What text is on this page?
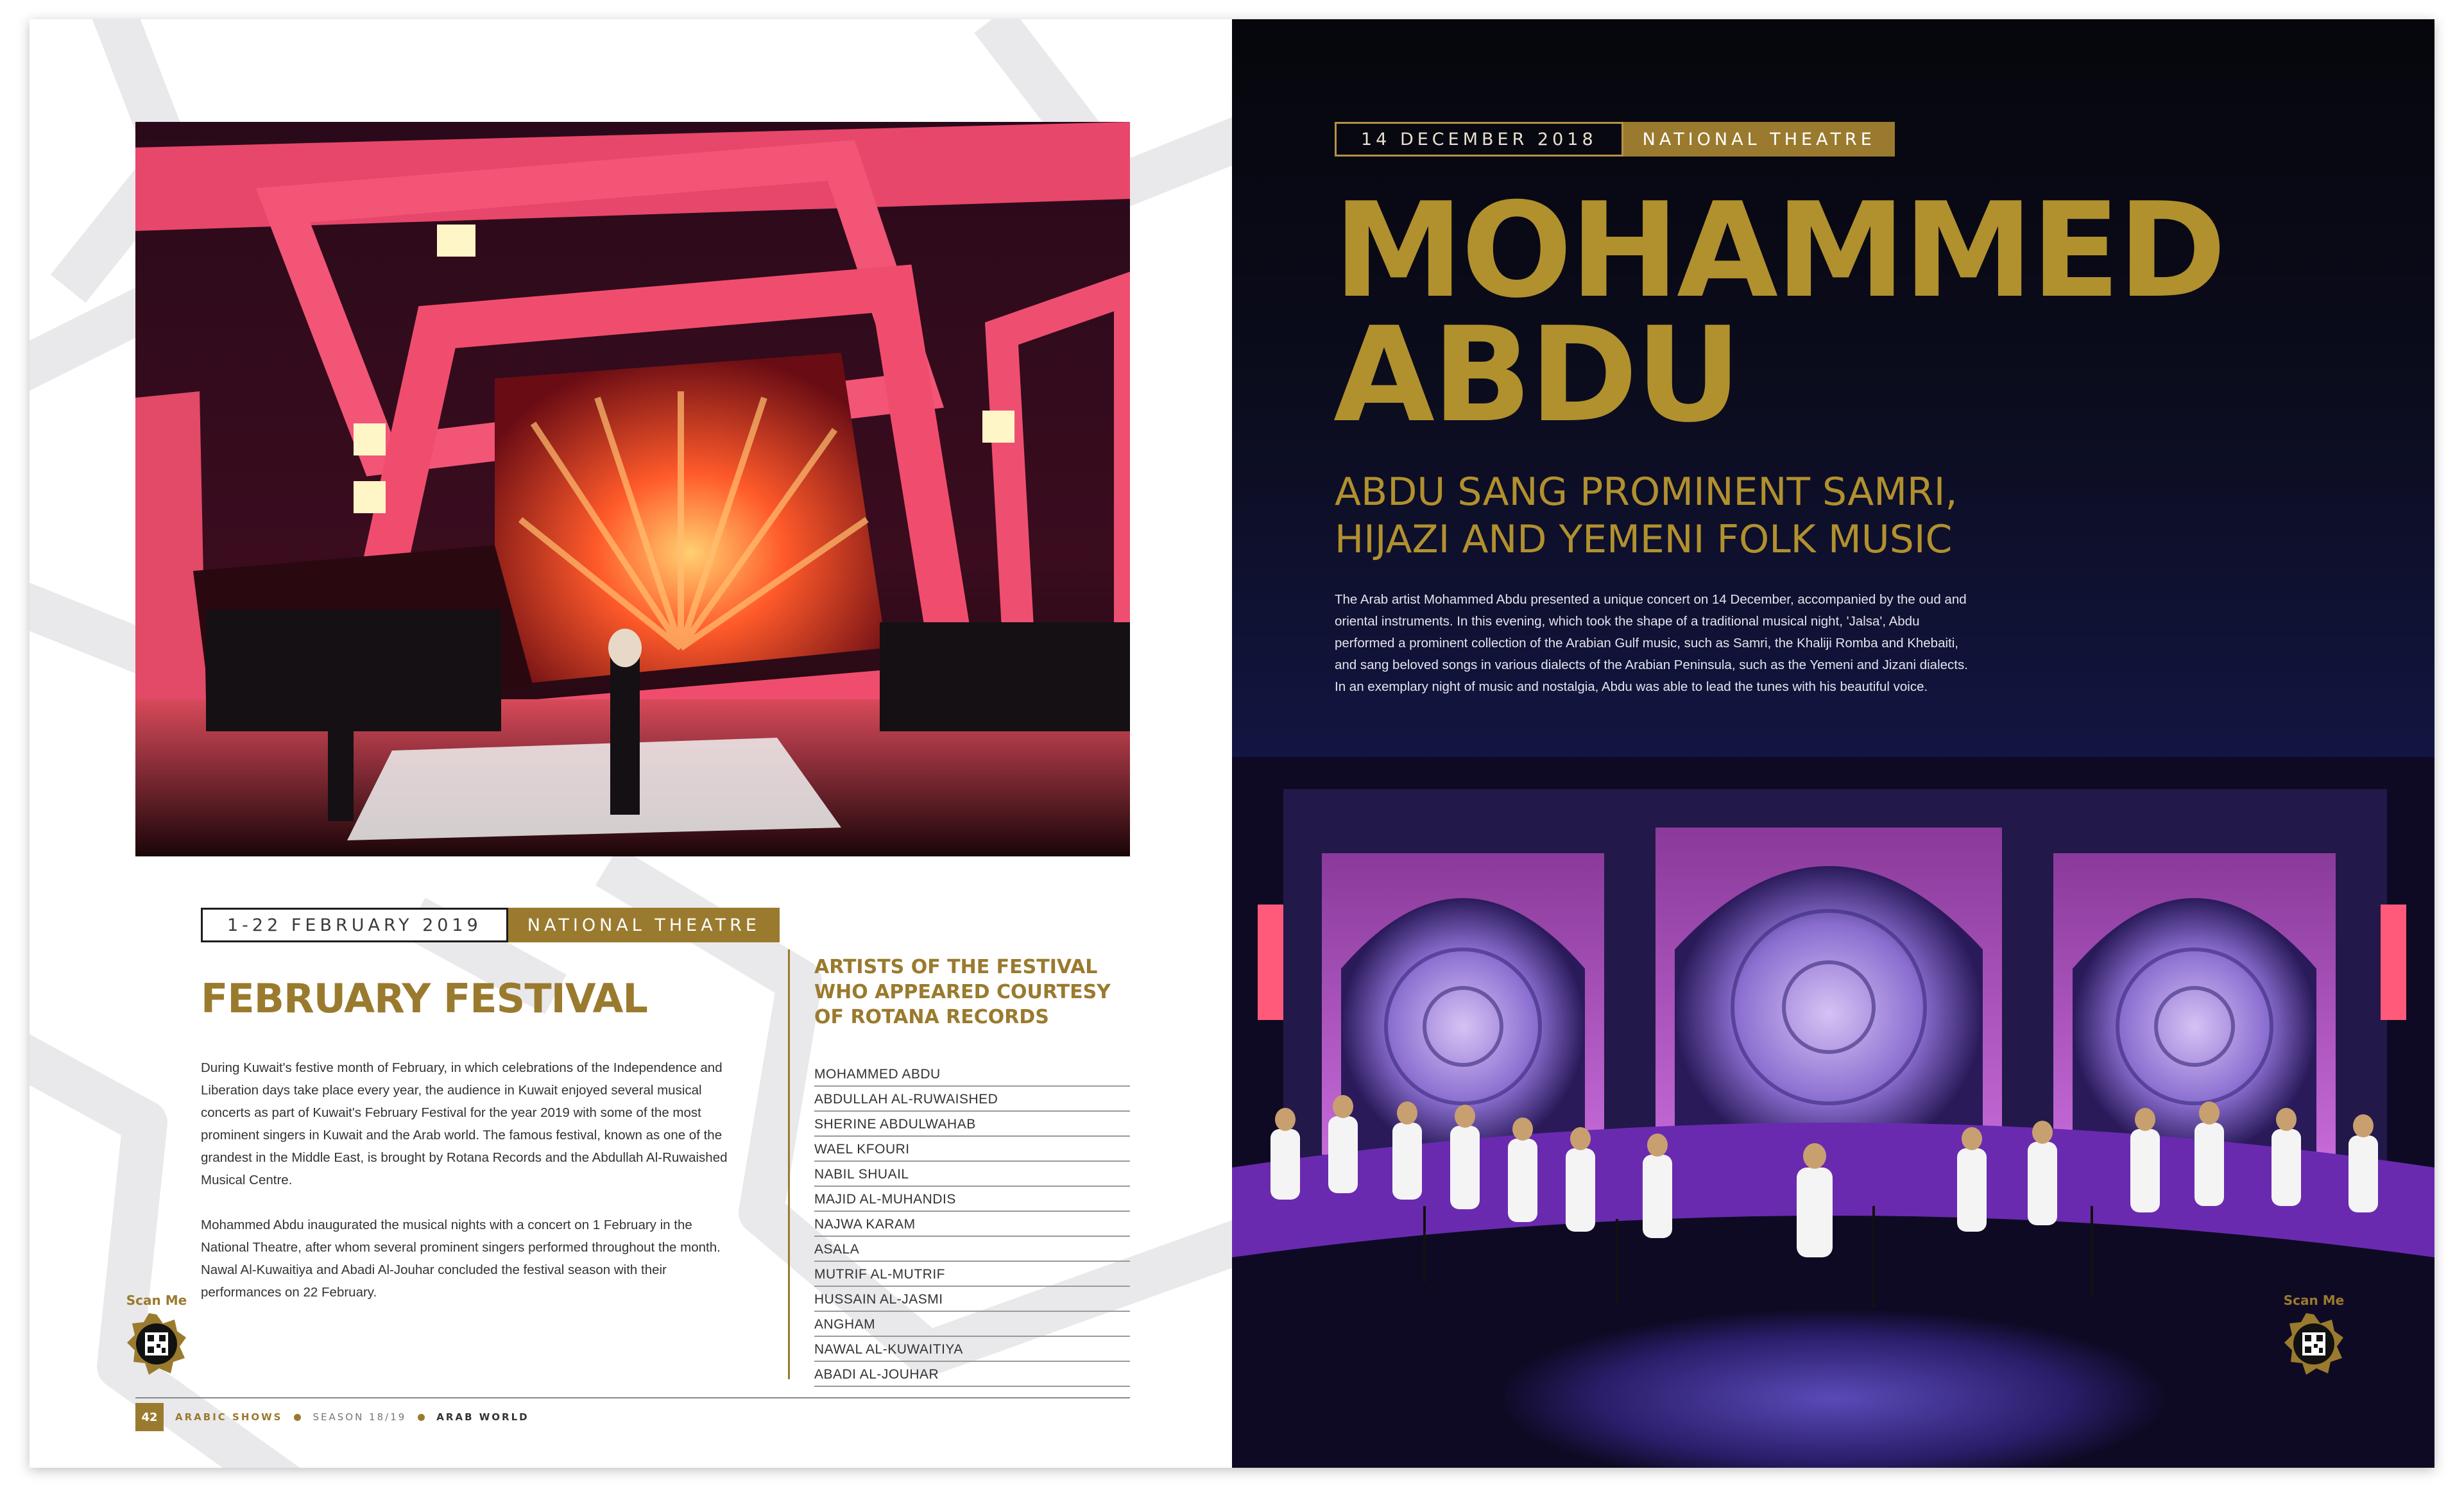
1-22 FEBRUARY 2019	NATIONAL THEATRE
FEBRUARY FESTIVAL

During Kuwait's festive month of February, in which celebrations of the Independence and Liberation days take place every year, the audience in Kuwait enjoyed several musical concerts as part of Kuwait's February Festival for the year 2019 with some of the most prominent singers in Kuwait and the Arab world. The famous festival, known as one of the grandest in the Middle East, is brought by Rotana Records and the Abdullah Al-Ruwaished Musical Centre.

Mohammed Abdu inaugurated the musical nights with a concert on 1 February in the National Theatre, after whom several prominent singers performed throughout the month. Nawal Al-Kuwaitiya and Abadi Al-Jouhar concluded the festival season with their performances on 22 February.

ARTISTS OF THE FESTIVAL WHO APPEARED COURTESY OF ROTANA RECORDS
MOHAMMED ABDU
ABDULLAH AL-RUWAISHED
SHERINE ABDULWAHAB
WAEL KFOURI
NABIL SHUAIL
MAJID AL-MUHANDIS
NAJWA KARAM
ASALA
MUTRIF AL-MUTRIF
HUSSAIN AL-JASMI
ANGHAM
NAWAL AL-KUWAITIYA
ABADI AL-JOUHAR
Scan Me
42	ARABIC SHOWS	SEASON 18/19	ARAB WORLD
14 DECEMBER 2018	NATIONAL THEATRE
MOHAMMED
ABDU
ABDU SANG PROMINENT SAMRI,
HIJAZI AND YEMENI FOLK MUSIC

The Arab artist Mohammed Abdu presented a unique concert on 14 December, accompanied by the oud and oriental instruments. In this evening, which took the shape of a traditional musical night, 'Jalsa', Abdu performed a prominent collection of the Arabian Gulf music, such as Samri, the Khaliji Romba and Khebaiti, and sang beloved songs in various dialects of the Arabian Peninsula, such as the Yemeni and Jizani dialects. In an exemplary night of music and nostalgia, Abdu was able to lead the tunes with his beautiful voice.

Scan Me
